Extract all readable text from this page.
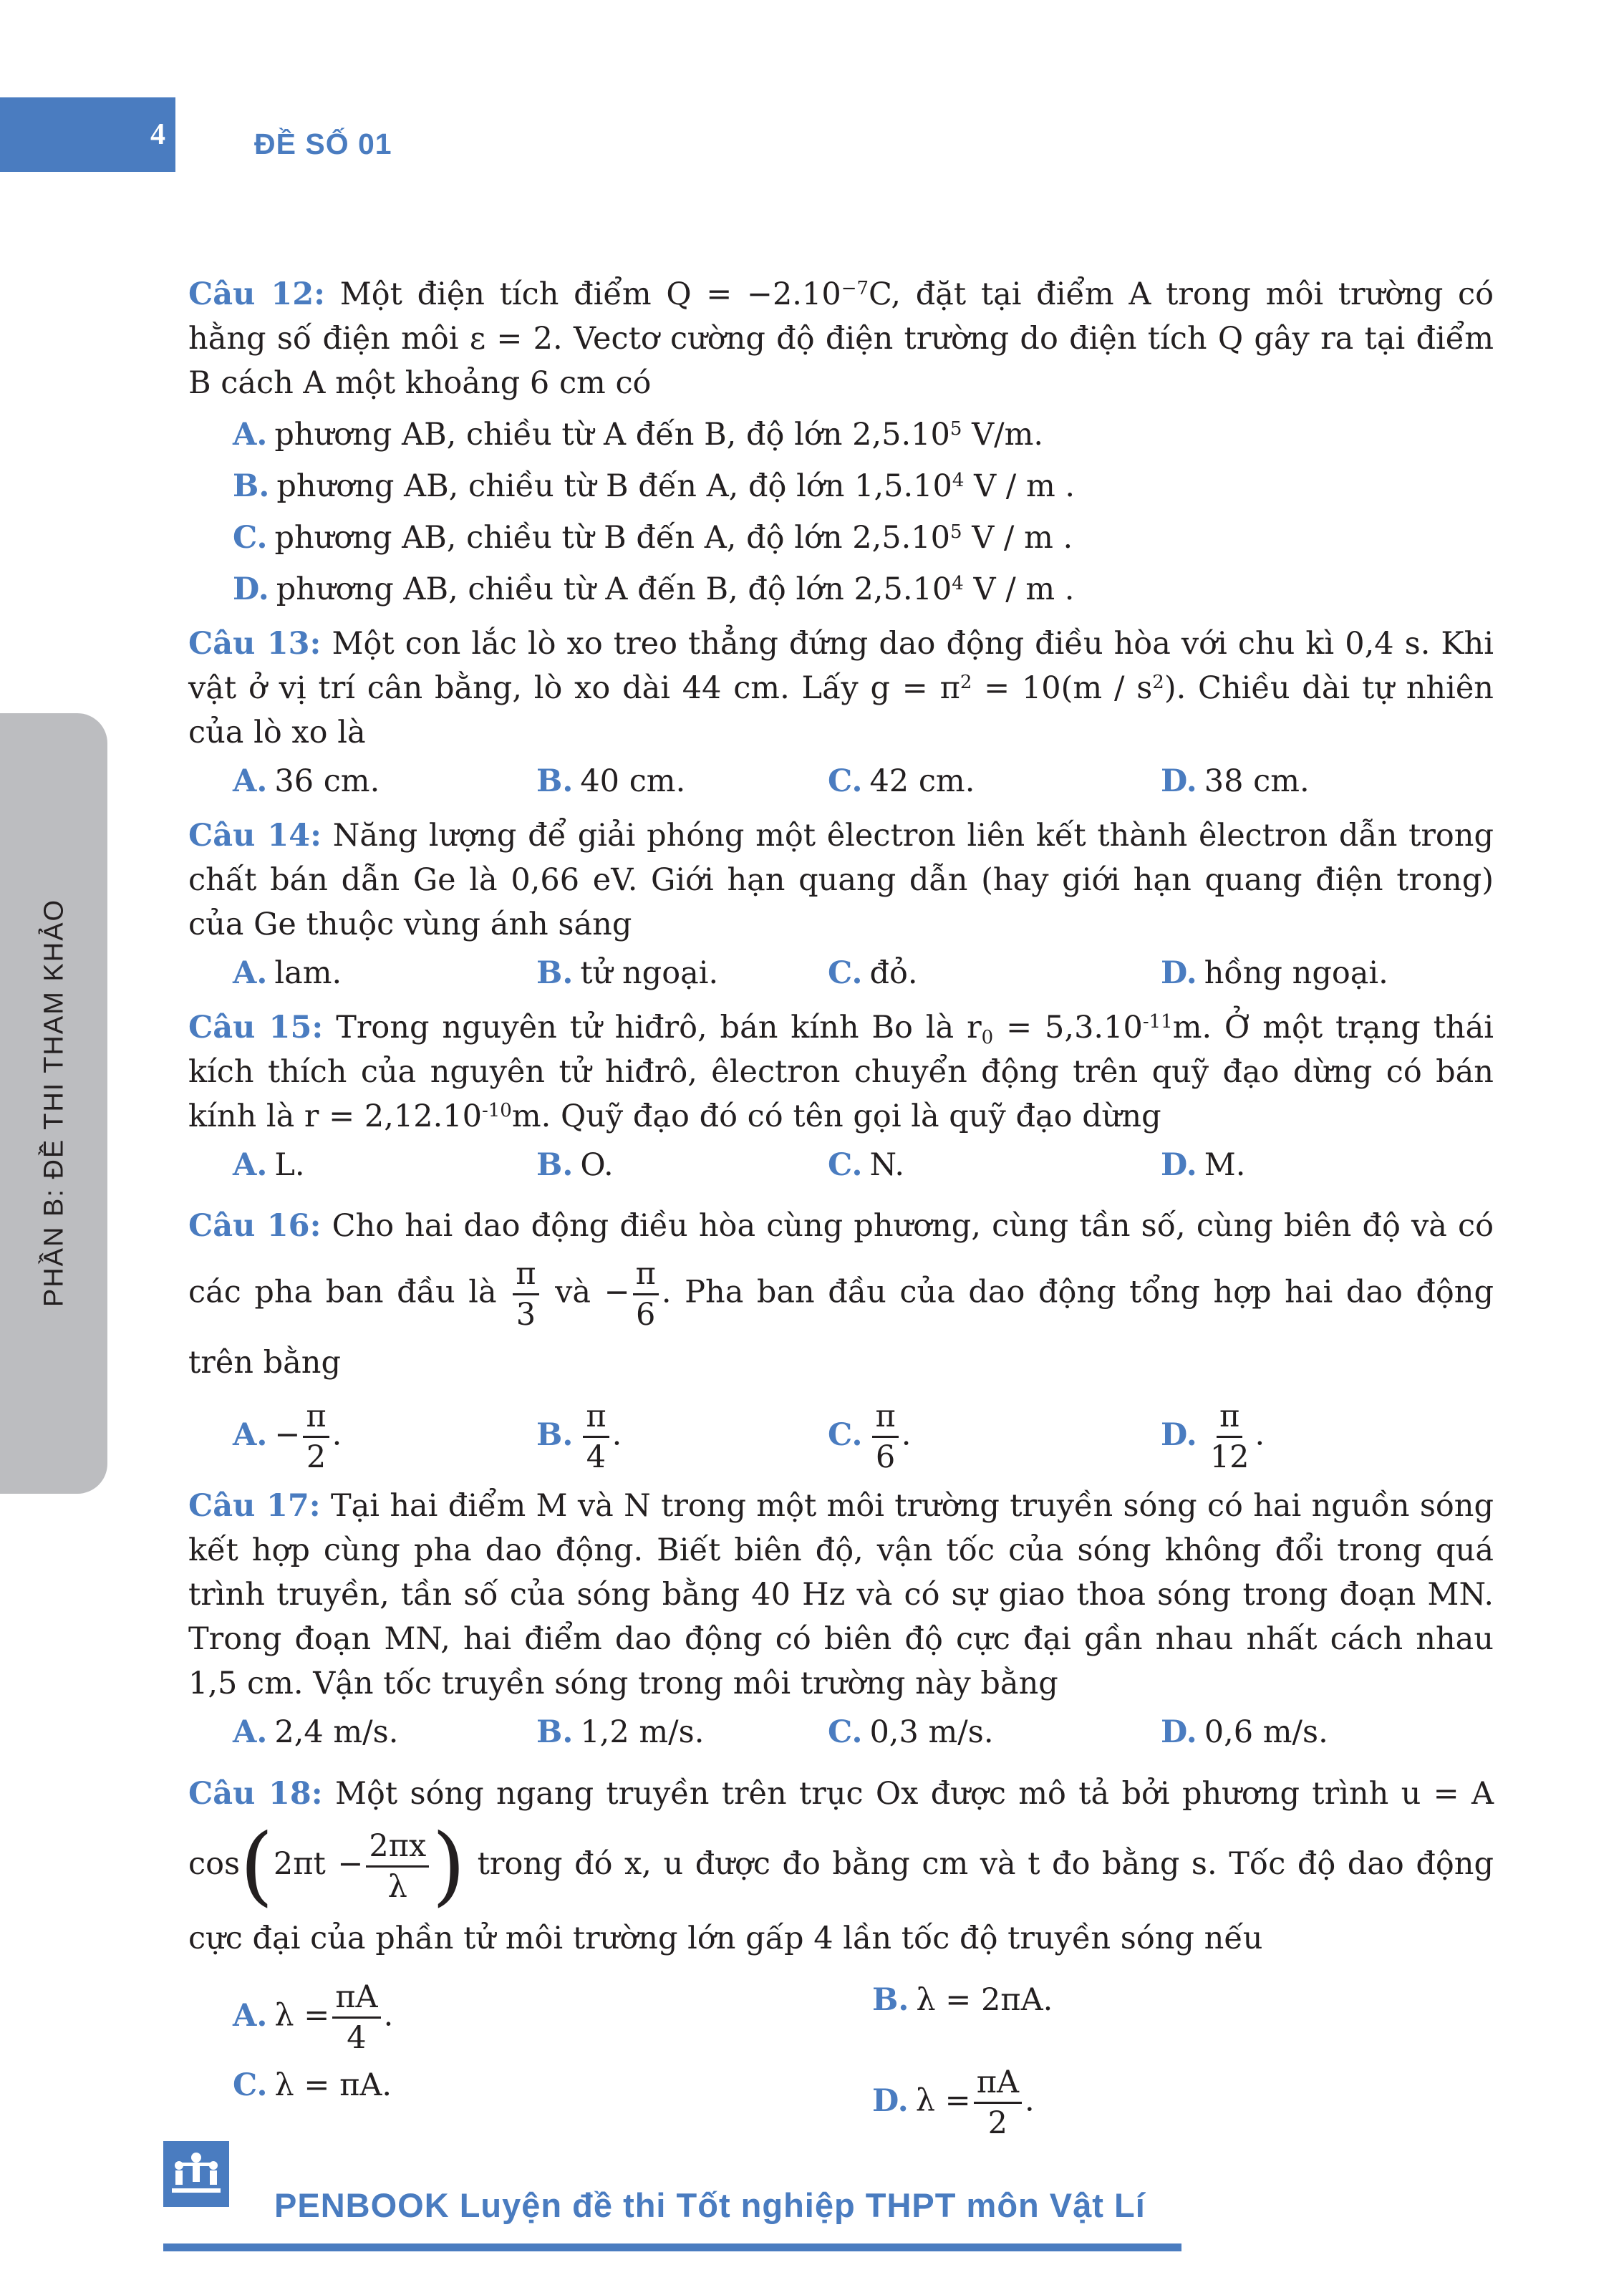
4	ĐỀ SỐ 01
PHẦN B: ĐỀ THI THAM KHẢO

Câu 12: Một điện tích điểm $Q = -2.10^{-7}C$, đặt tại điểm A trong môi trường có hằng số điện môi ε = 2. Vectơ cường độ điện trường do điện tích Q gây ra tại điểm B cách A một khoảng 6 cm có

A. phương AB, chiều từ A đến B, độ lớn 2,5.10$^5$ V/m.
B. phương AB, chiều từ B đến A, độ lớn 1,5.10$^4$ V / m .
C. phương AB, chiều từ B đến A, độ lớn 2,5.10$^5$ V / m .
D. phương AB, chiều từ A đến B, độ lớn 2,5.10$^4$ V / m .

Câu 13: Một con lắc lò xo treo thẳng đứng dao động điều hòa với chu kì 0,4 s. Khi vật ở vị trí cân bằng, lò xo dài 44 cm. Lấy $g = \pi^2 = 10(m / s^2)$. Chiều dài tự nhiên của lò xo là

A. 36 cm.	B. 40 cm.	C. 42 cm.	D. 38 cm.

Câu 14: Năng lượng để giải phóng một êlectron liên kết thành êlectron dẫn trong chất bán dẫn Ge là 0,66 eV. Giới hạn quang dẫn (hay giới hạn quang điện trong) của Ge thuộc vùng ánh sáng

A. lam.	B. tử ngoại.	C. đỏ.	D. hồng ngoại.

Câu 15: Trong nguyên tử hiđrô, bán kính Bo là $r_0 = 5,3.10^{-11}m$. Ở một trạng thái kích thích của nguyên tử hiđrô, êlectron chuyển động trên quỹ đạo dừng có bán kính là $r = 2,12.10^{-10}m$. Quỹ đạo đó có tên gọi là quỹ đạo dừng

A. L.	B. O.	C. N.	D. M.

Câu 16: Cho hai dao động điều hòa cùng phương, cùng tần số, cùng biên độ và có các pha ban đầu là $\frac{\pi}{3}$ và − $\frac{\pi}{6}$ . Pha ban đầu của dao động tổng hợp hai dao động trên bằng

A. − $\frac{\pi}{2}$ .	B. $\frac{\pi}{4}$ .	C. $\frac{\pi}{6}$ .	D. $\frac{\pi}{12}$ .

Câu 17: Tại hai điểm M và N trong một môi trường truyền sóng có hai nguồn sóng kết hợp cùng pha dao động. Biết biên độ, vận tốc của sóng không đổi trong quá trình truyền, tần số của sóng bằng 40 Hz và có sự giao thoa sóng trong đoạn MN. Trong đoạn MN, hai điểm dao động có biên độ cực đại gần nhau nhất cách nhau 1,5 cm. Vận tốc truyền sóng trong môi trường này bằng

A. 2,4 m/s.	B. 1,2 m/s.	C. 0,3 m/s.	D. 0,6 m/s.

Câu 18: Một sóng ngang truyền trên trục Ox được mô tả bởi phương trình u = A $\cos(2\pi t - \frac{2\pi x}{\lambda}$ ) trong đó x, u được đo bằng cm và t đo bằng s. Tốc độ dao động cực đại của phần tử môi trường lớn gấp 4 lần tốc độ truyền sóng nếu

A. $\lambda = \frac{\pi A}{4}$ .	B. λ = 2πA.
C. λ = πA.	D. $\lambda = \frac{\pi A}{2}$ .
PENBOOK Luyện đề thi Tốt nghiệp THPT môn Vật Lí
